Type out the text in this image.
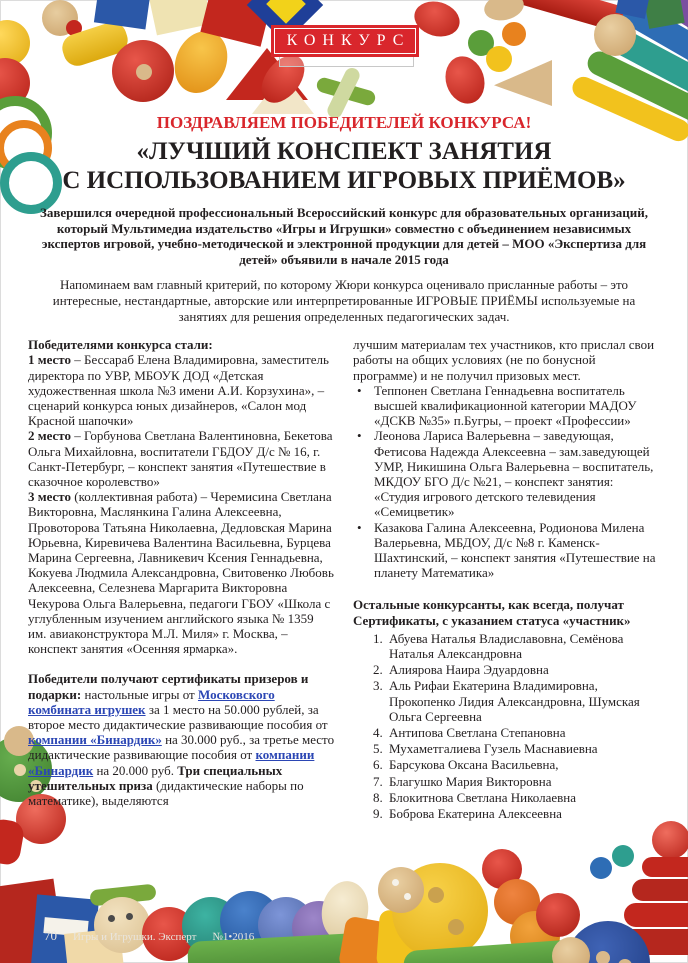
КОНКУРС
ПОЗДРАВЛЯЕМ ПОБЕДИТЕЛЕЙ КОНКУРСА!
«ЛУЧШИЙ КОНСПЕКТ ЗАНЯТИЯ
С ИСПОЛЬЗОВАНИЕМ ИГРОВЫХ ПРИЁМОВ»

Завершился очередной профессиональный Всероссийский конкурс для образовательных организаций, который Мультимедиа издательство «Игры и Игрушки» совместно с объединением независимых экспертов игровой, учебно-методической и электронной продукции для детей – МОО «Экспертиза для детей» объявили в начале 2015 года

Напоминаем вам главный критерий, по которому Жюри конкурса оценивало присланные работы – это интересные, нестандартные, авторские или интерпретированные ИГРОВЫЕ ПРИЁМЫ используемые на занятиях для решения определенных педагогических задач.

Победителями конкурса стали:

1 место – Бессараб Елена Владимировна, заместитель директора по УВР, МБОУК ДОД «Детская художественная школа №3 имени А.И. Корзухина», – сценарий конкурса юных дизайнеров, «Салон мод Красной шапочки»

2 место – Горбунова Светлана Валентиновна, Бекетова Ольга Михайловна, воспитатели ГБДОУ Д/с № 16, г. Санкт-Петербург, – конспект занятия «Путешествие в сказочное королевство»

3 место (коллективная работа) – Черемисина Светлана Викторовна, Маслянкина Галина Алексеевна, Провоторова Татьяна Николаевна, Дедловская Марина Юрьевна, Киревичева Валентина Васильевна, Бурцева Марина Сергеевна, Лавникевич Ксения Геннадьевна, Кокуева Людмила Александровна, Свитовенко Любовь Алексеевна, Селезнева Маргарита Викторовна Чекурова Ольга Валерьевна, педагоги ГБОУ «Школа с углубленным изучением английского языка № 1359 им. авиаконструктора М.Л. Миля» г. Москва, – конспект занятия «Осенняя ярмарка».

Победители получают сертификаты призеров и подарки: настольные игры от Московского комбината игрушек за 1 место на 50.000 рублей, за второе место дидактические развивающие пособия от компании «Бинардик» на 30.000 руб., за третье место дидактические развивающие пособия от компании «Бинардик на 20.000 руб. Три специальных утешительных приза (дидактические наборы по математике), выделяются

лучшим материалам тех участников, кто прислал свои работы на общих условиях (не по бонусной программе) и не получил призовых мест.

• Теппонен Светлана Геннадьевна воспитатель высшей квалификационной категории МАДОУ «ДСКВ №35» п.Бугры, – проект «Профессии»
• Леонова Лариса Валерьевна – заведующая, Фетисова Надежда Алексеевна – зам.заведующей УМР, Никишина Ольга Валерьевна – воспитатель, МКДОУ БГО Д/с №21, – конспект занятия: «Студия игрового детского телевидения «Семицветик»
• Казакова Галина Алексеевна, Родионова Милена Валерьевна, МБДОУ, Д/с №8 г. Каменск-Шахтинский, – конспект занятия «Путешествие на планету Математика»

Остальные конкурсанты, как всегда, получат Сертификаты, с указанием статуса «участник»

1. Абуева Наталья Владиславовна, Семёнова Наталья Александровна
2. Алиярова Наира Эдуардовна
3. Аль Рифаи Екатерина Владимировна, Прокопенко Лидия Александровна, Шумская Ольга Сергеевна
4. Антипова Светлана Степановна
5. Мухаметгалиева Гузель Маснавиевна
6. Барсукова Оксана Васильевна,
7. Благушко Мария Викторовна
8. Блокитнова Светлана Николаевна
9. Боброва Екатерина Алексеевна
70 Игры и Игрушки. Эксперт №1•2016
